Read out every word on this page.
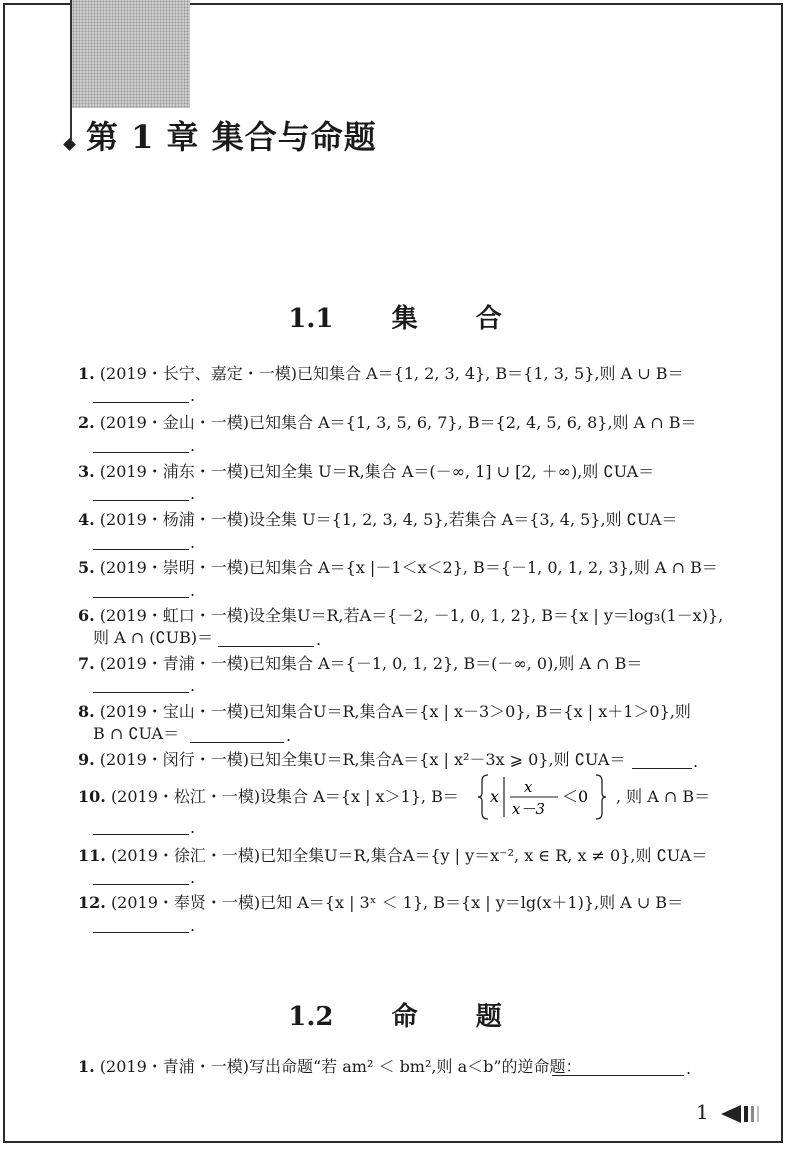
第 1 章 集合与命题
1.1 集 合
1. (2019・长宁、嘉定・一模)已知集合 A＝{1, 2, 3, 4}, B＝{1, 3, 5},则 A ∪ B＝
.
2. (2019・金山・一模)已知集合 A＝{1, 3, 5, 6, 7}, B＝{2, 4, 5, 6, 8},则 A ∩ B＝
.
3. (2019・浦东・一模)已知全集 U＝R,集合 A＝(－∞, 1] ∪ [2, ＋∞),则 ∁UA＝
.
4. (2019・杨浦・一模)设全集 U＝{1, 2, 3, 4, 5},若集合 A＝{3, 4, 5},则 ∁UA＝
.
5. (2019・崇明・一模)已知集合 A＝{x |－1＜x＜2}, B＝{－1, 0, 1, 2, 3},则 A ∩ B＝
.
6. (2019・虹口・一模)设全集U＝R,若A＝{－2, －1, 0, 1, 2}, B＝{x | y＝log₃(1－x)},
则 A ∩ (∁UB)＝	.
7. (2019・青浦・一模)已知集合 A＝{－1, 0, 1, 2}, B＝(－∞, 0),则 A ∩ B＝
.
8. (2019・宝山・一模)已知集合U＝R,集合A＝{x | x－3＞0}, B＝{x | x＋1＞0},则
B ∩ ∁UA＝	.
9. (2019・闵行・一模)已知全集U＝R,集合A＝{x | x²－3x ⩾ 0},则 ∁UA＝	.
10. (2019・松江・一模)设集合 A＝{x | x＞1}, B＝	x x
x－3
＜0 , 则 A ∩ B＝
.
11. (2019・徐汇・一模)已知全集U＝R,集合A＝{y | y＝x⁻², x ∈ R, x ≠ 0},则 ∁UA＝
.
12. (2019・奉贤・一模)已知 A＝{x | 3ˣ ＜ 1}, B＝{x | y＝lg(x＋1)},则 A ∪ B＝
.
1.2 命 题
1. (2019・青浦・一模)写出命题“若 am² ＜ bm²,则 a＜b”的逆命题：	.
1
